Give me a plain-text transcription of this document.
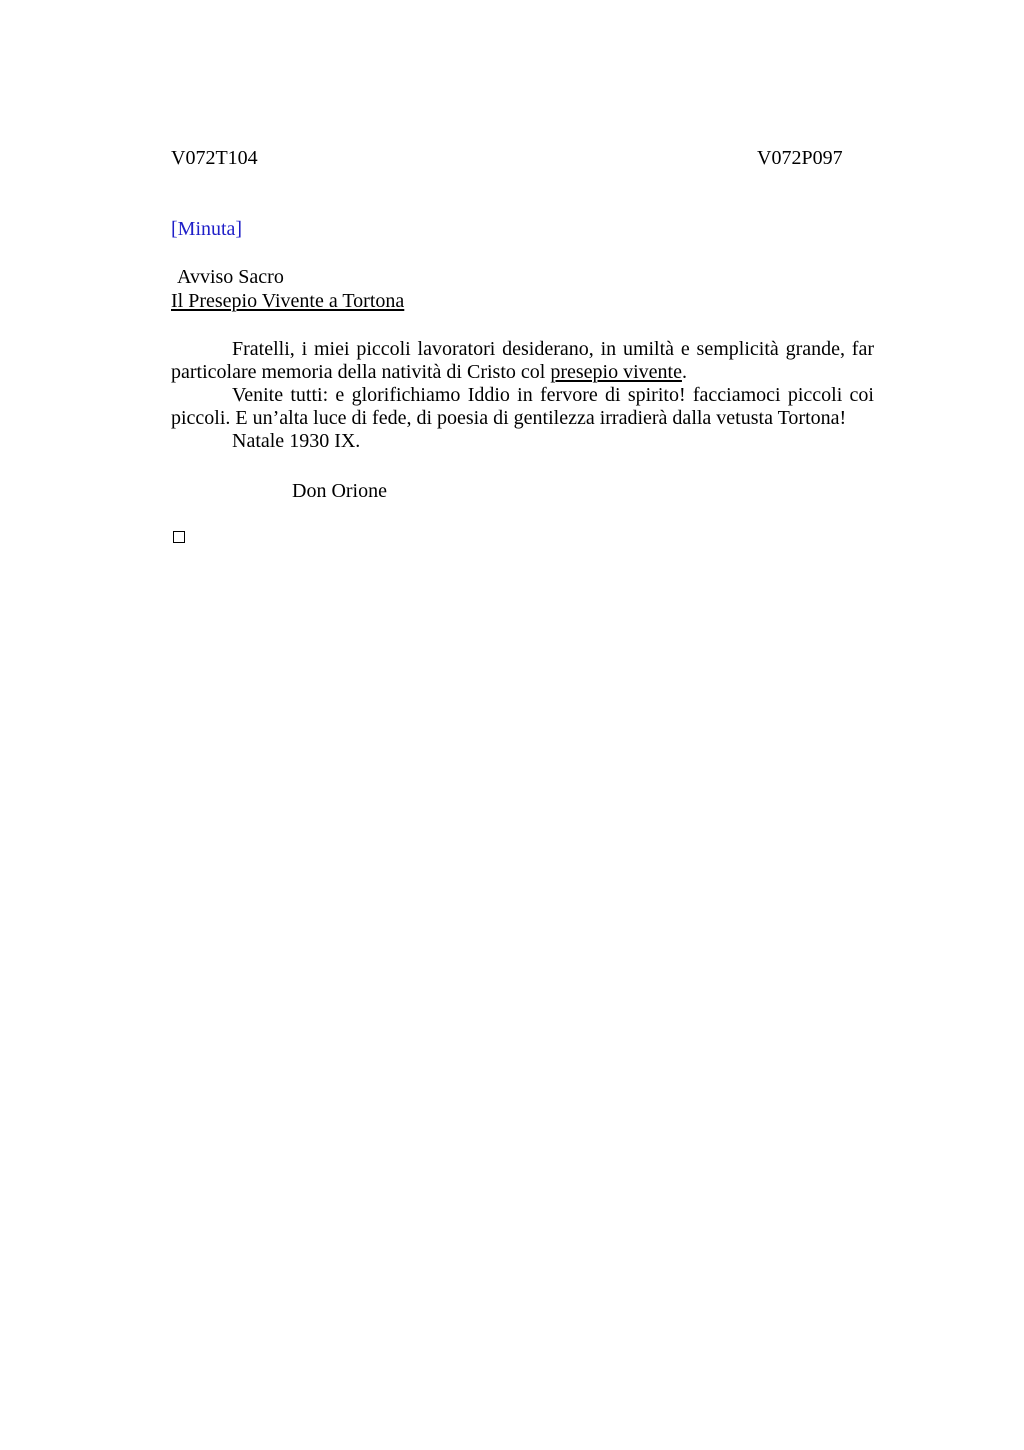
V072T104	V072P097
[Minuta]
Avviso Sacro
Il Presepio Vivente a Tortona

Fratelli, i miei piccoli lavoratori desiderano, in umiltà e semplicità grande, far particolare memoria della natività di Cristo col presepio vivente.

Venite tutti: e glorifichiamo Iddio in fervore di spirito! facciamoci piccoli coi piccoli. E un’alta luce di fede, di poesia di gentilezza irradierà dalla vetusta Tortona!

Natale 1930 IX.

Don Orione
